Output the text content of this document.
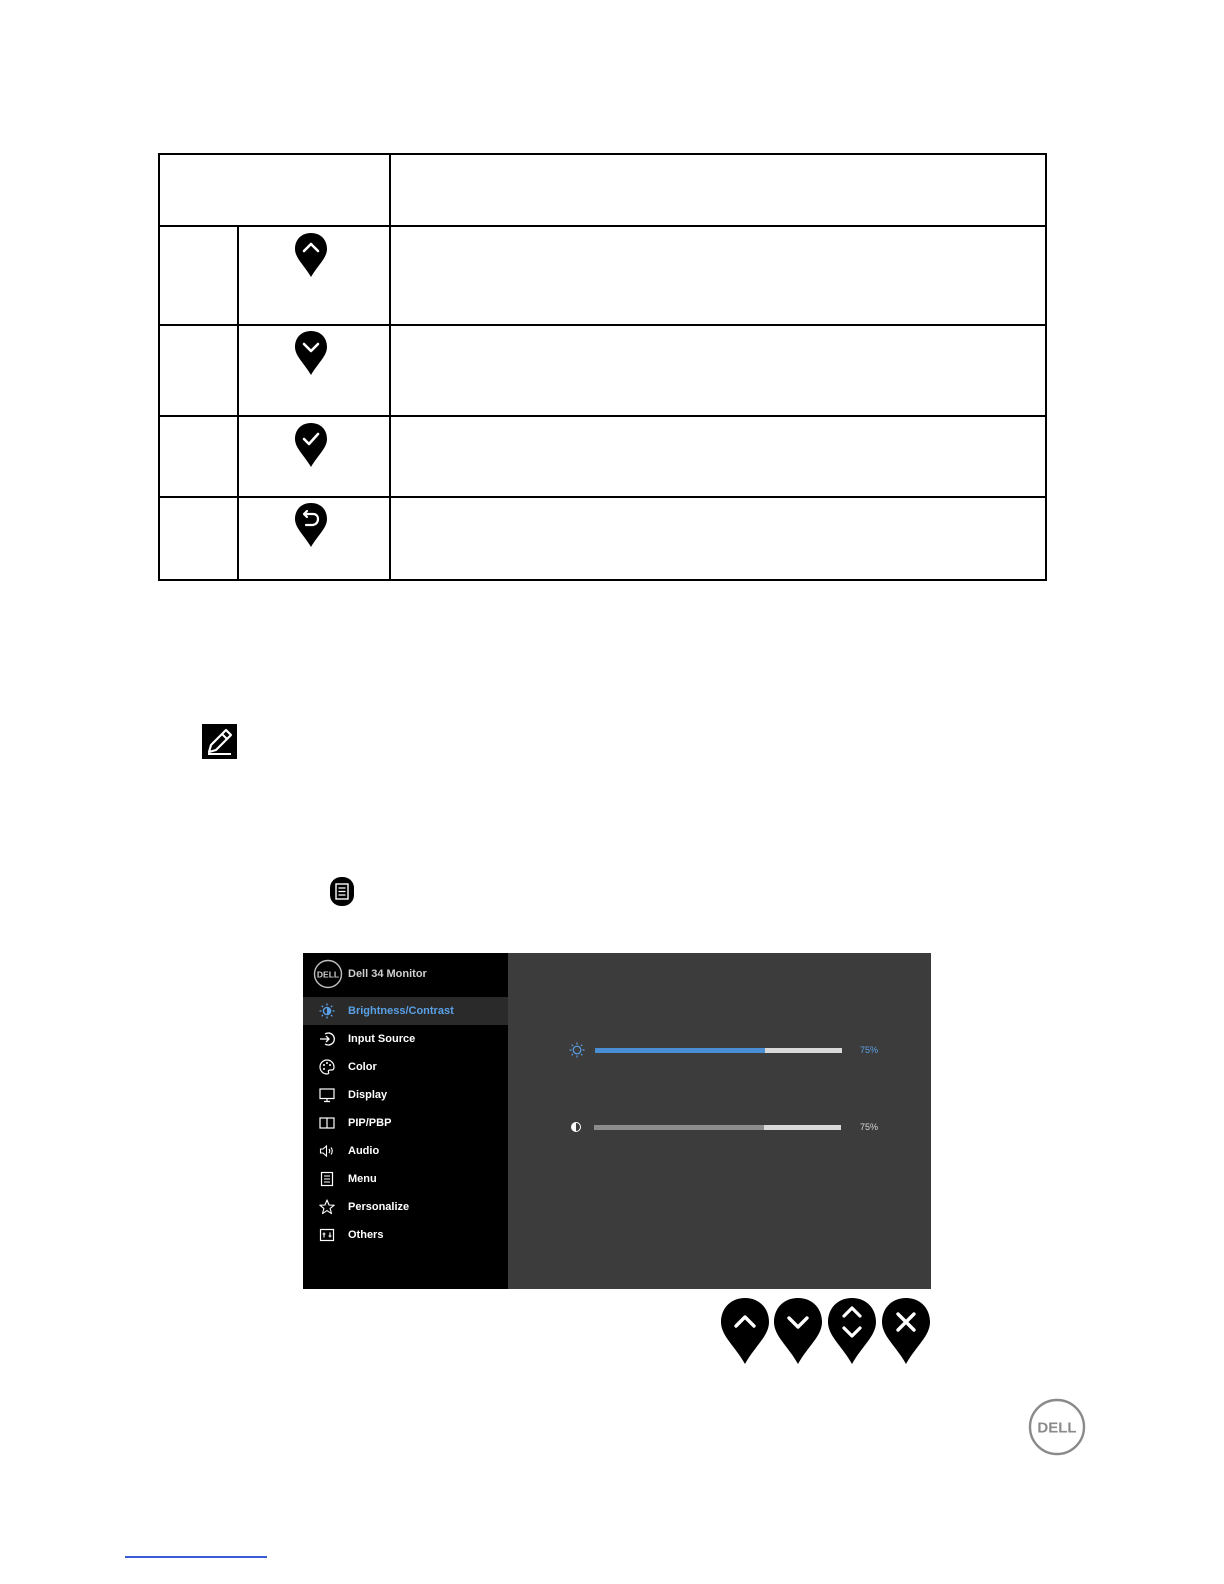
DELL Dell 34 Monitor
Brightness/Contrast
Input Source
Color
Display
PIP/PBP
Audio
Menu
Personalize
Others
75%
75%
DELL
